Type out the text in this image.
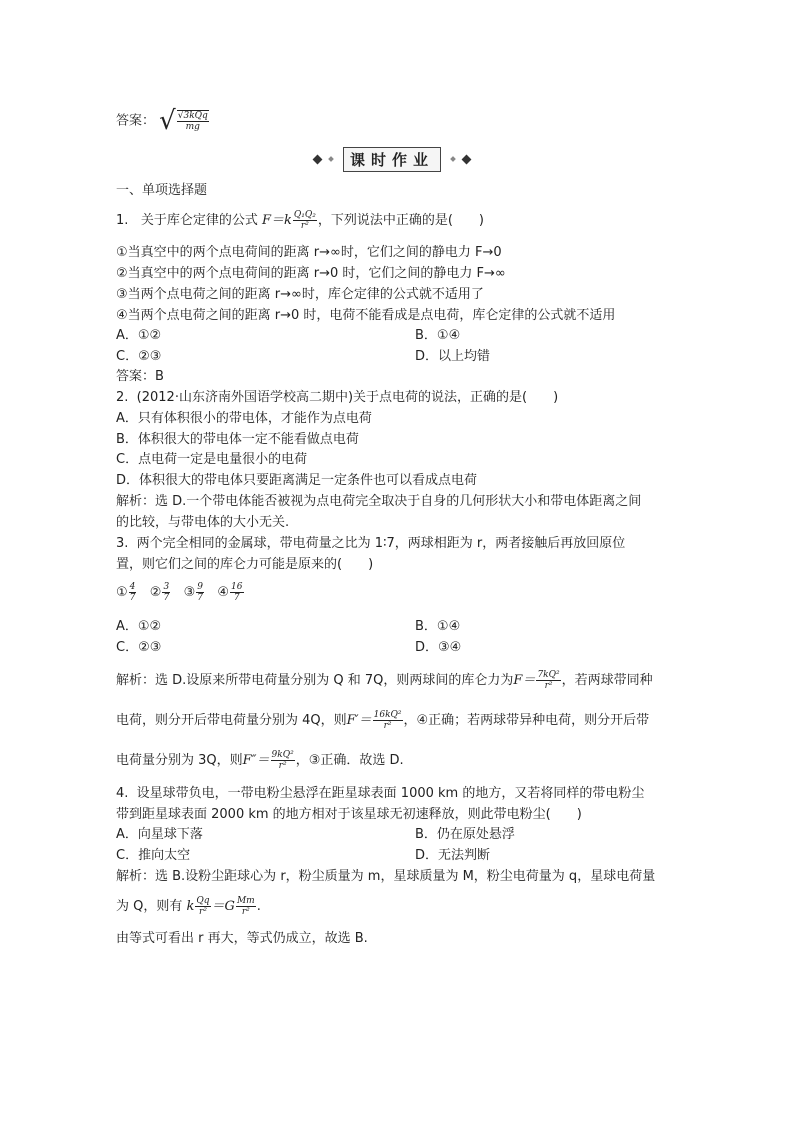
答案： √ $\frac{\text{√3kQq}}{mg}$
课时作业
一、单项选择题
1. 关于库仑定律的公式 $F=k \frac{\text{Q₁Q₂}}{\text{r²}}$ ，下列说法中正确的是(　　)
①当真空中的两个点电荷间的距离 r→∞时，它们之间的静电力 F→0
②当真空中的两个点电荷间的距离 r→0 时，它们之间的静电力 F→∞
③当两个点电荷之间的距离 r→∞时，库仑定律的公式就不适用了
④当两个点电荷之间的距离 r→0 时，电荷不能看成是点电荷，库仑定律的公式就不适用
A．①②	B．①④
C．②③	D．以上均错
答案：B
2. (2012·山东济南外国语学校高二期中)关于点电荷的说法，正确的是(　　)
A．只有体积很小的带电体，才能作为点电荷
B．体积很大的带电体一定不能看做点电荷
C．点电荷一定是电量很小的电荷
D．体积很大的带电体只要距离满足一定条件也可以看成点电荷
解析：选 D.一个带电体能否被视为点电荷完全取决于自身的几何形状大小和带电体距离之间
的比较，与带电体的大小无关.
3. 两个完全相同的金属球，带电荷量之比为 1∶7，两球相距为 r，两者接触后再放回原位
置，则它们之间的库仑力可能是原来的(　　)
① $\frac{4}{7}$ ② $\frac{3}{7}$ ③ $\frac{9}{7}$ ④ $\frac{16}{7}$
A．①②	B．①④
C．②③	D．③④
解析：选 D.设原来所带电荷量分别为 Q 和 7Q，则两球间的库仑力为$F= \frac{\text{7kQ²}}{\text{r²}}$ ，若两球带同种
电荷，则分开后带电荷量分别为 4Q，则$F'= \frac{\text{16kQ²}}{\text{r²}}$ ，④正确；若两球带异种电荷，则分开后带
电荷量分别为 3Q，则$F''= \frac{\text{9kQ²}}{\text{r²}}$ ，③正确．故选 D.
4. 设星球带负电，一带电粉尘悬浮在距星球表面 1000 km 的地方，又若将同样的带电粉尘
带到距星球表面 2000 km 的地方相对于该星球无初速释放，则此带电粉尘(　　)
A．向星球下落	B．仍在原处悬浮
C．推向太空	D．无法判断
解析：选 B.设粉尘距球心为 r，粉尘质量为 m，星球质量为 M，粉尘电荷量为 q，星球电荷量
为 Q，则有 k $\frac{Qq}{\text{r²}} =G \frac{Mm}{\text{r²}}$ .
由等式可看出 r 再大，等式仍成立，故选 B.
